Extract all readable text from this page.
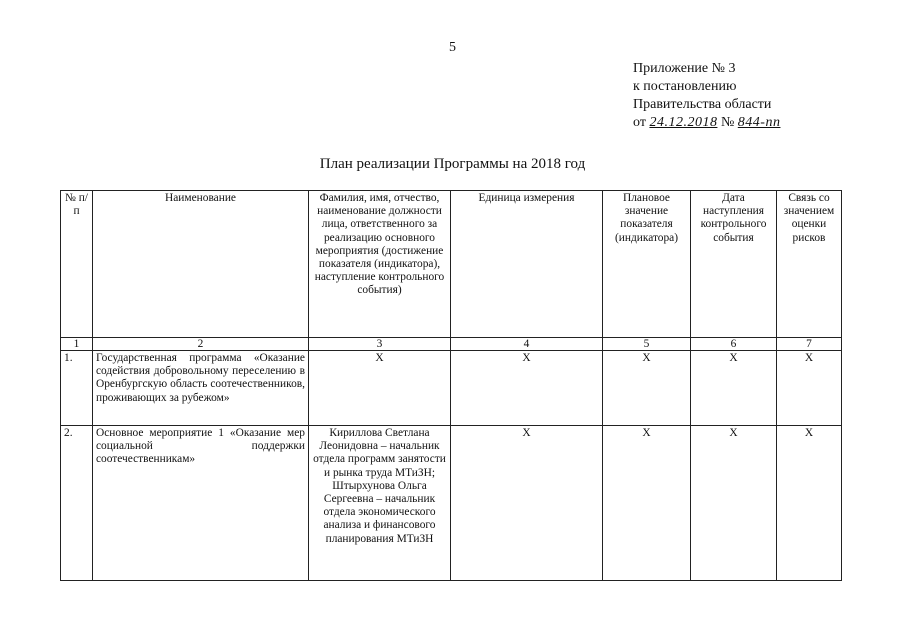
5
Приложение № 3
к постановлению
Правительства области
от 24.12.2018 № 844-пп
План реализации Программы на 2018 год
№ п/п	Наименование	Фамилия, имя, отчество, наименование должности лица, ответственного за реализацию основного мероприятия (достижение показателя (индикатора), наступление контрольного события)	Единица измерения	Плановое значение показателя (индикатора)	Дата наступления контрольного события	Связь со значением оценки рисков
1	2	3	4	5	6	7
1.	Государственная программа «Оказание содействия добровольному переселению в Оренбургскую область соотечественников, проживающих за рубежом»	Х	Х	Х	Х	Х
2.	Основное мероприятие 1 «Оказание мер социальной поддержки соотечественникам»	Кириллова Светлана Леонидовна – начальник отдела программ занятости и рынка труда МТиЗН; Штырхунова Ольга Сергеевна – начальник отдела экономического анализа и финансового планирования МТиЗН	Х	Х	Х	Х
